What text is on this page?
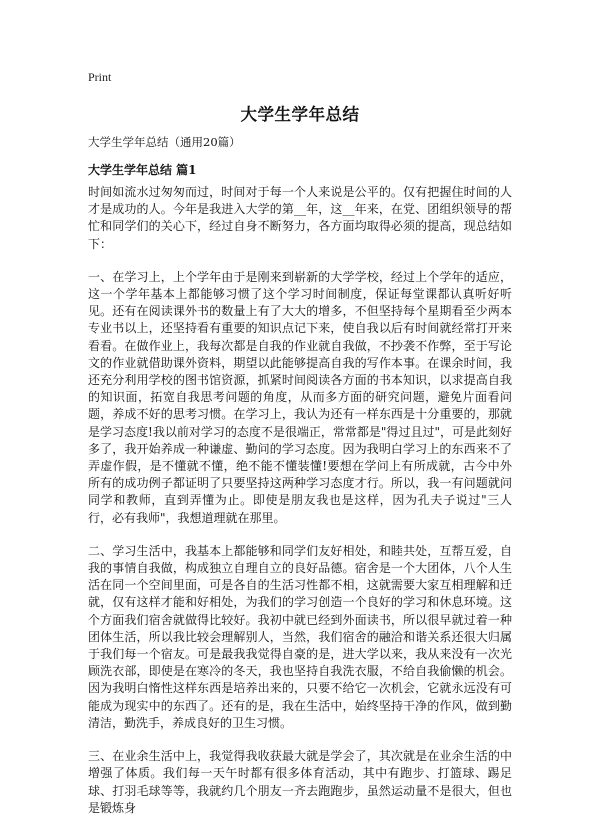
Print
大学生学年总结

大学生学年总结（通用20篇）

大学生学年总结 篇1

时间如流水过匆匆而过，时间对于每一个人来说是公平的。仅有把握住时间的人才是成功的人。今年是我进入大学的第__年，这__年来，在党、团组织领导的帮忙和同学们的关心下，经过自身不断努力，各方面均取得必须的提高，现总结如下：

一、在学习上，上个学年由于是刚来到崭新的大学学校，经过上个学年的适应，这一个学年基本上都能够习惯了这个学习时间制度，保证每堂课都认真听好听见。还有在阅读课外书的数量上有了大大的增多，不但坚持每个星期看至少两本专业书以上，还坚持看有重要的知识点记下来，使自我以后有时间就经常打开来看看。在做作业上，我每次都是自我的作业就自我做，不抄袭不作弊，至于写论文的作业就借助课外资料，期望以此能够提高自我的写作本事。在课余时间，我还充分利用学校的图书馆资源，抓紧时间阅读各方面的书本知识，以求提高自我的知识面，拓宽自我思考问题的角度，从而多方面的研究问题，避免片面看问题，养成不好的思考习惯。在学习上，我认为还有一样东西是十分重要的，那就是学习态度!我以前对学习的态度不是很端正，常常都是"得过且过"，可是此刻好多了，我开始养成一种谦虚、勤问的学习态度。因为我明白学习上的东西来不了弄虚作假，是不懂就不懂，绝不能不懂装懂!要想在学问上有所成就，古今中外所有的成功例子都证明了只要坚持这两种学习态度才行。所以，我一有问题就问同学和教师，直到弄懂为止。即使是朋友我也是这样，因为孔夫子说过"三人行，必有我师"，我想道理就在那里。

二、学习生活中，我基本上都能够和同学们友好相处，和睦共处，互帮互爱，自我的事情自我做，构成独立自理自立的良好品德。宿舍是一个大团体，八个人生活在同一个空间里面，可是各自的生活习性都不相，这就需要大家互相理解和迁就，仅有这样才能和好相处，为我们的学习创造一个良好的学习和休息环境。这个方面我们宿舍就做得比较好。我初中就已经到外面读书，所以很早就过着一种团体生活，所以我比较会理解别人，当然，我们宿舍的融洽和谐关系还很大归属于我们每一个宿友。可是最我我觉得自豪的是，进大学以来，我从来没有一次光顾洗衣部，即使是在寒冷的冬天，我也坚持自我洗衣服，不给自我偷懒的机会。因为我明白惰性这样东西是培养出来的，只要不给它一次机会，它就永远没有可能成为现实中的东西了。还有的是，我在生活中，始终坚持干净的作风，做到勤清洁，勤洗手，养成良好的卫生习惯。

三、在业余生活中上，我觉得我收获最大就是学会了，其次就是在业余生活的中增强了体质。我们每一天午时都有很多体育活动，其中有跑步、打篮球、踢足球、打羽毛球等等，我就约几个朋友一齐去跑跑步，虽然运动量不是很大，但也是锻炼身
